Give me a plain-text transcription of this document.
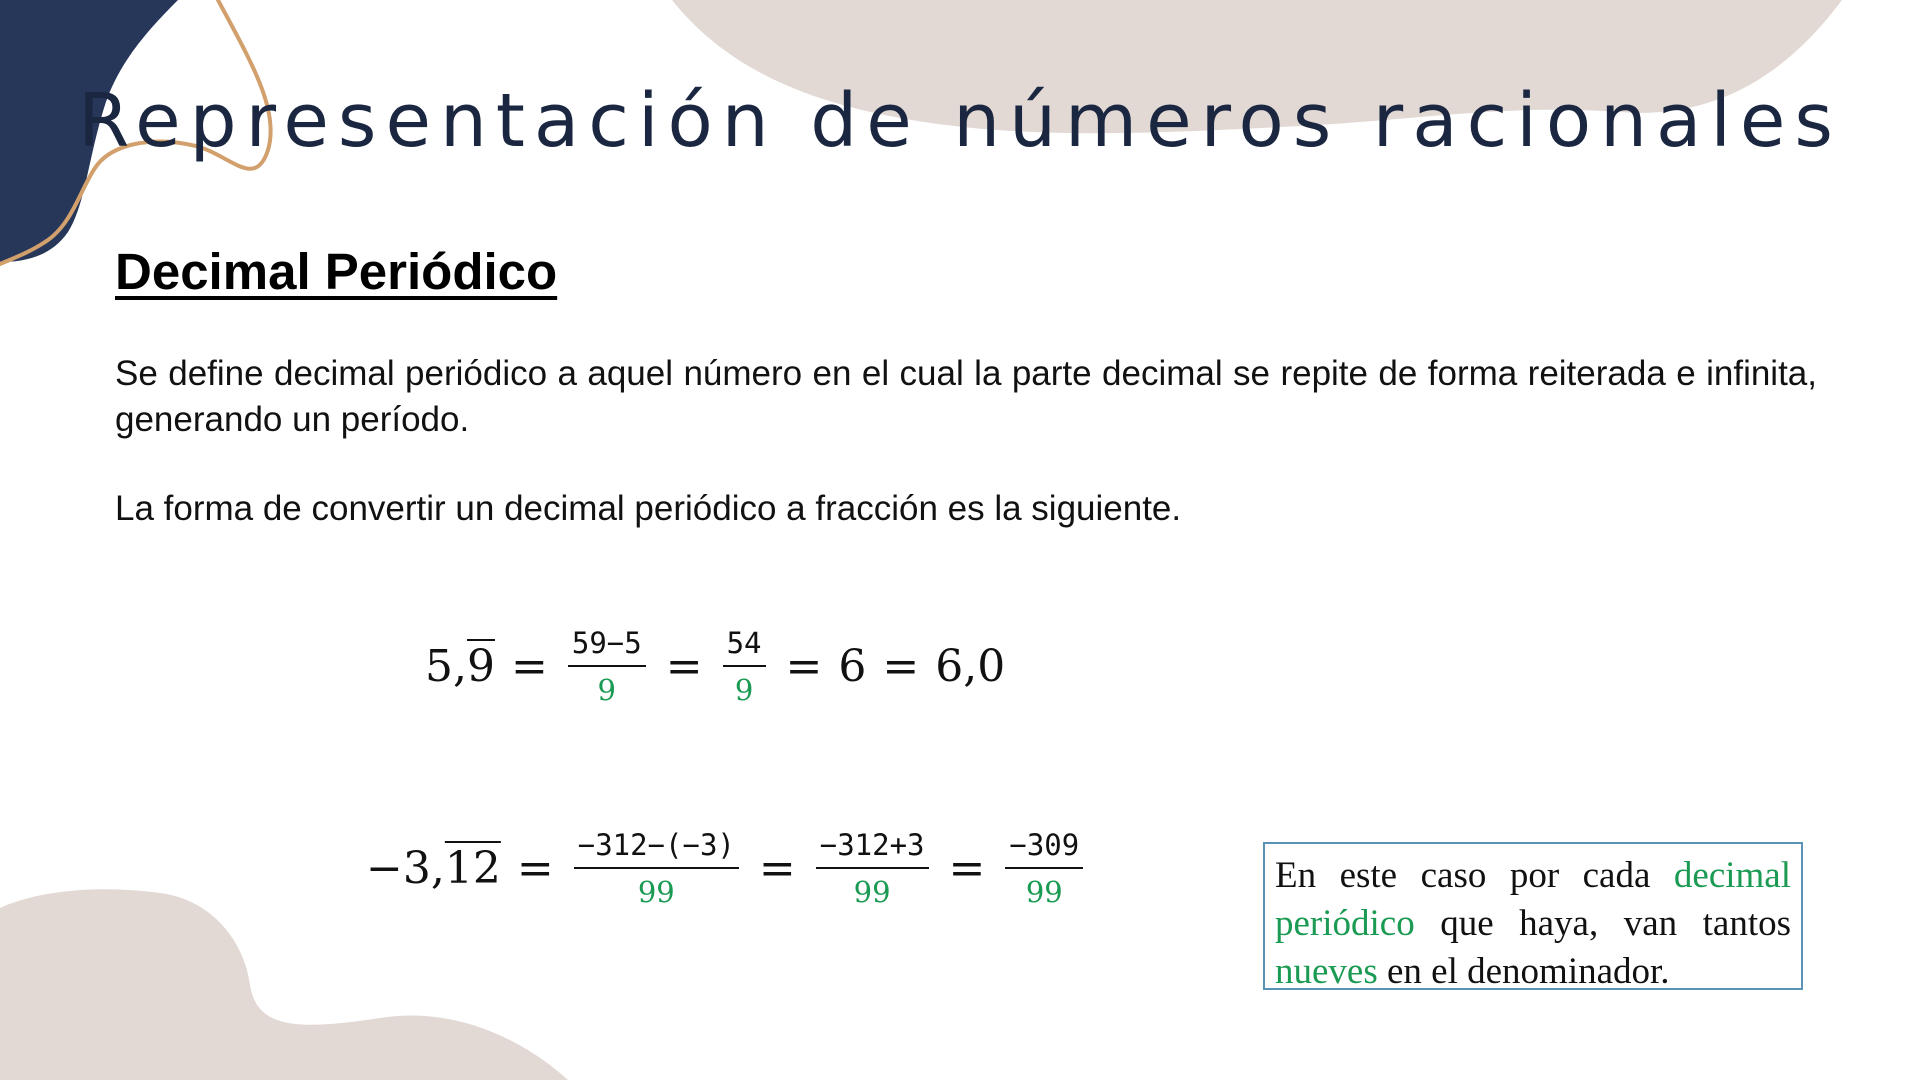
Representación de números racionales
Decimal Periódico
Se define decimal periódico a aquel número en el cual la parte decimal se repite de forma reiterada e infinita, generando un período.
La forma de convertir un decimal periódico a fracción es la siguiente.
5, $9 = \frac{59-5}{9} = \frac{54}{9} = 6 = 6,0$
−3, $12 = \frac{-312-(-3)}{99} = \frac{-312+3}{99} = \frac{-309}{99}$	En este caso por cada decimal periódico que haya, van tantos nueves en el denominador.
